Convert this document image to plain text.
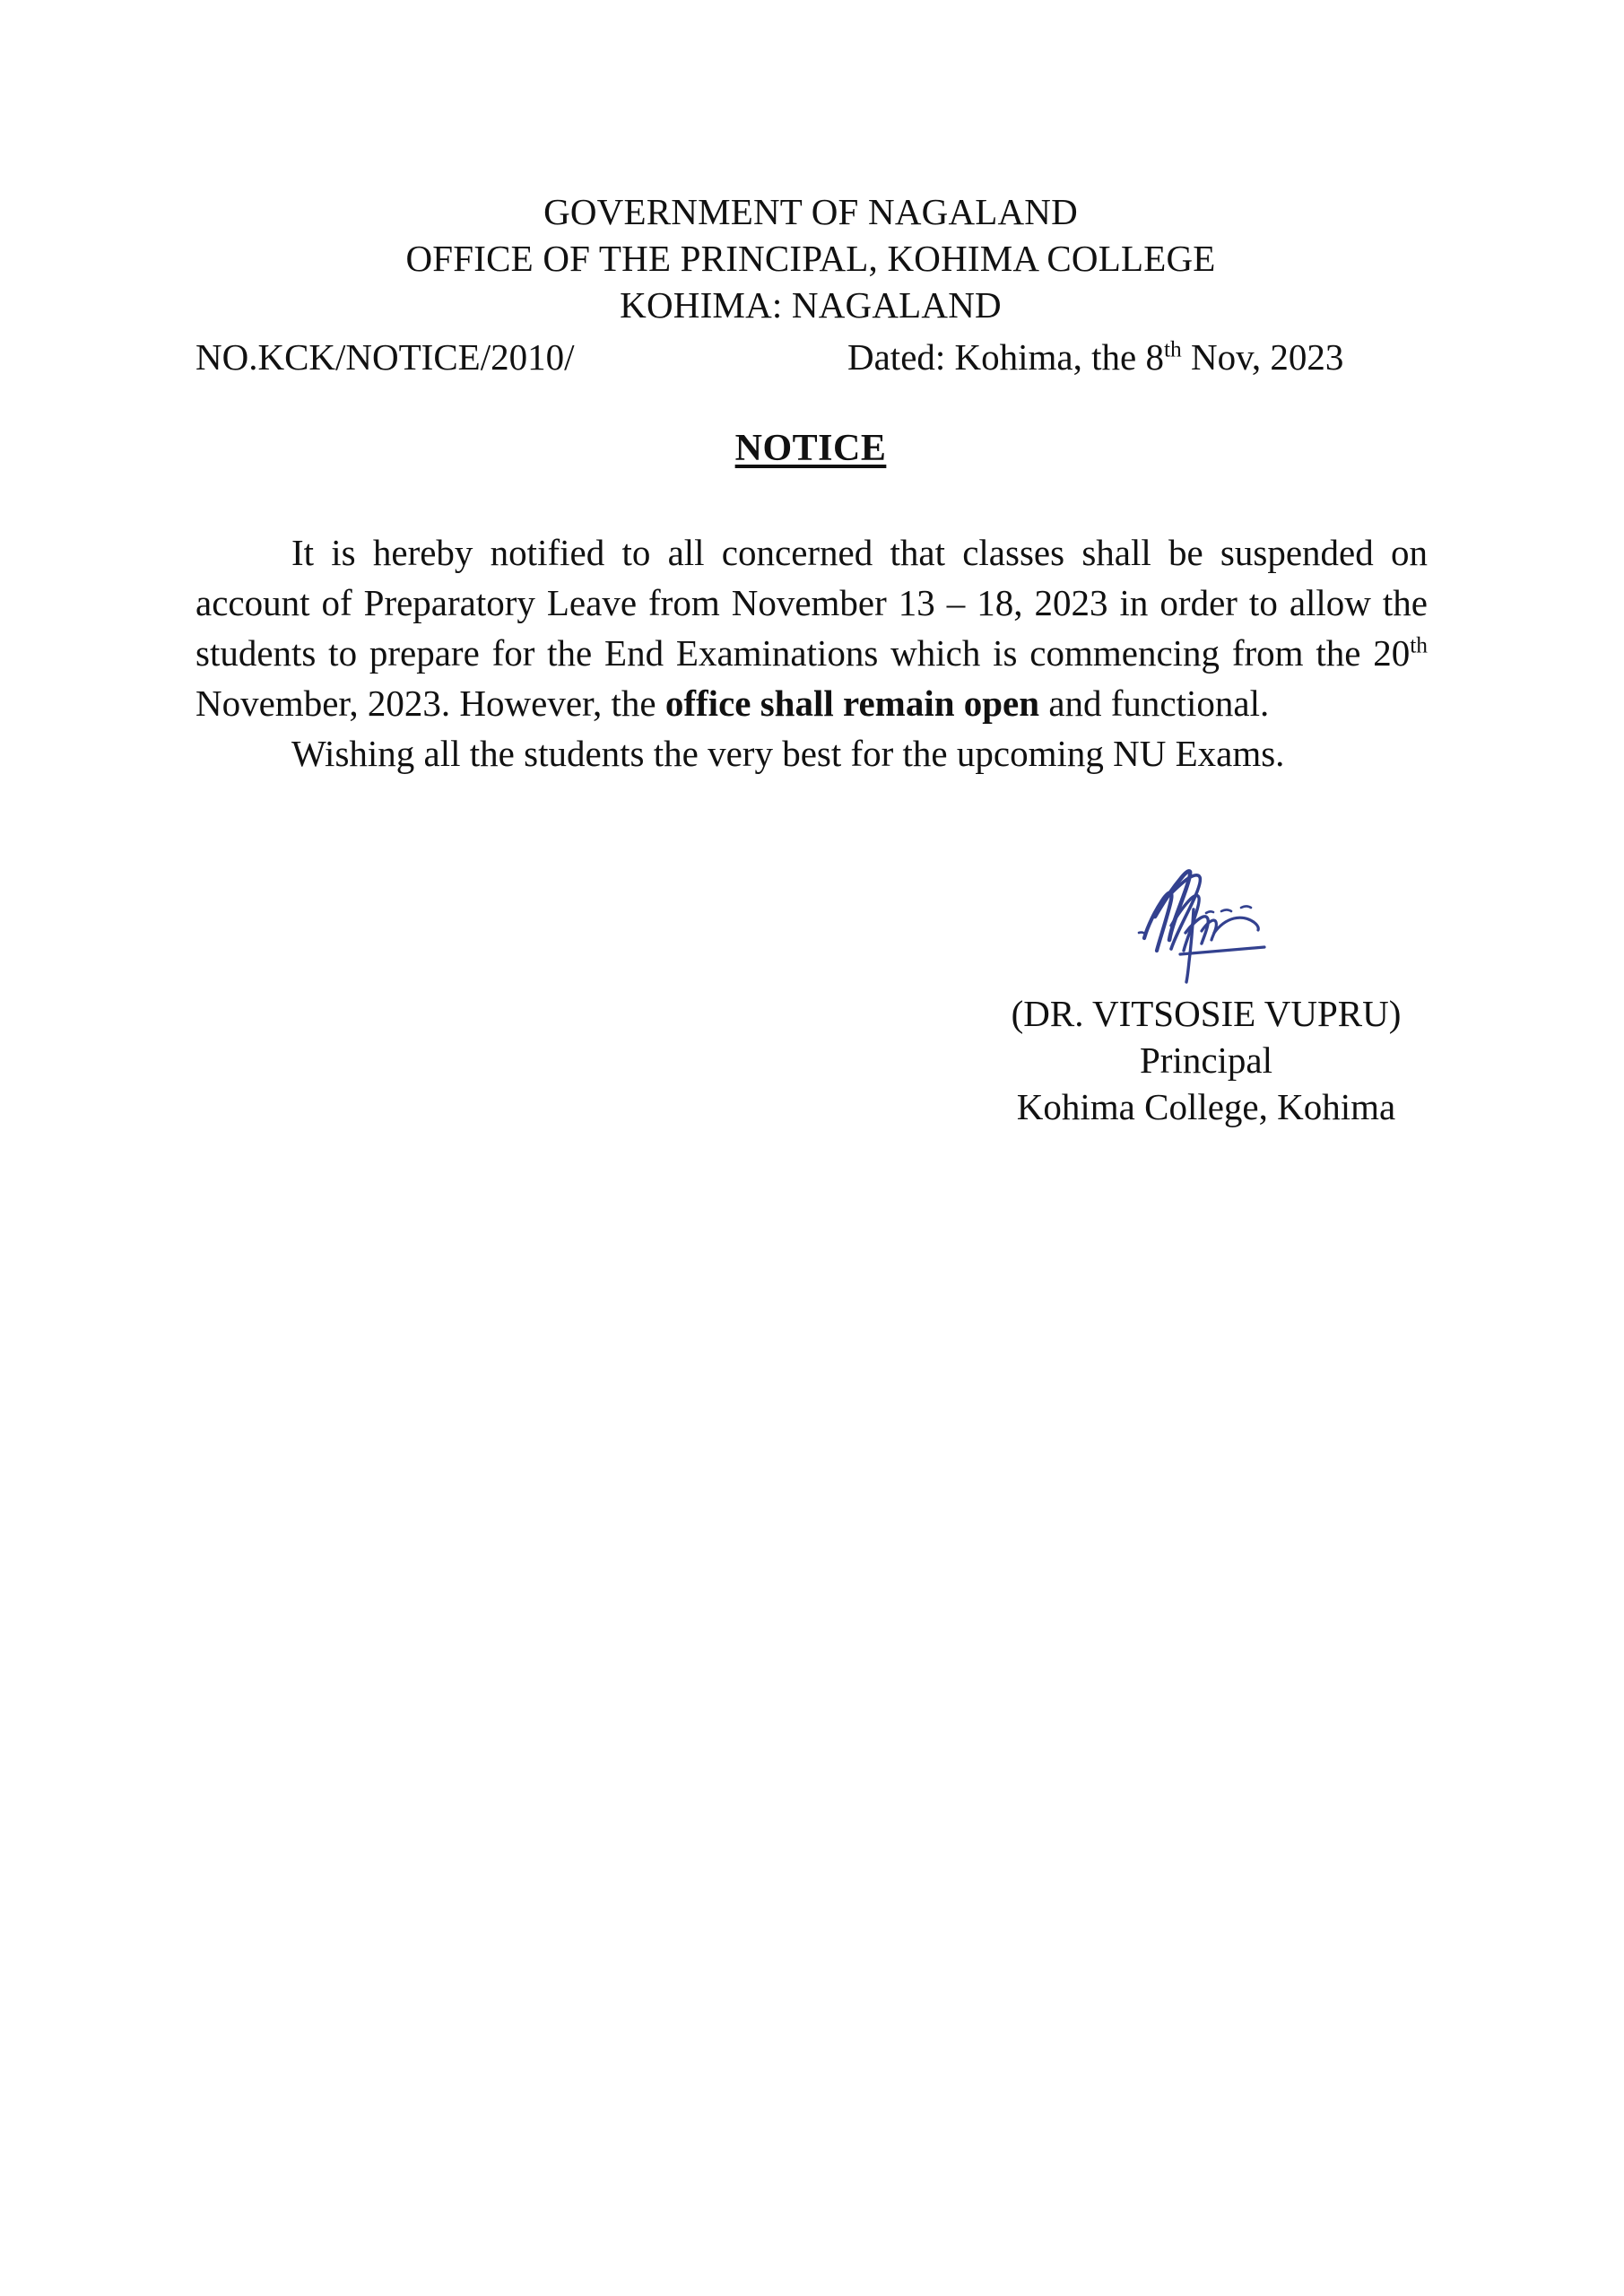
GOVERNMENT OF NAGALAND
OFFICE OF THE PRINCIPAL, KOHIMA COLLEGE
KOHIMA: NAGALAND
NO.KCK/NOTICE/2010/	Dated: Kohima, the 8th Nov, 2023
NOTICE

It is hereby notified to all concerned that classes shall be suspended on account of Preparatory Leave from November 13 – 18, 2023 in order to allow the students to prepare for the End Examinations which is commencing from the 20th November, 2023. However, the office shall remain open and functional.

Wishing all the students the very best for the upcoming NU Exams.

(DR. VITSOSIE VUPRU)
Principal
Kohima College, Kohima
